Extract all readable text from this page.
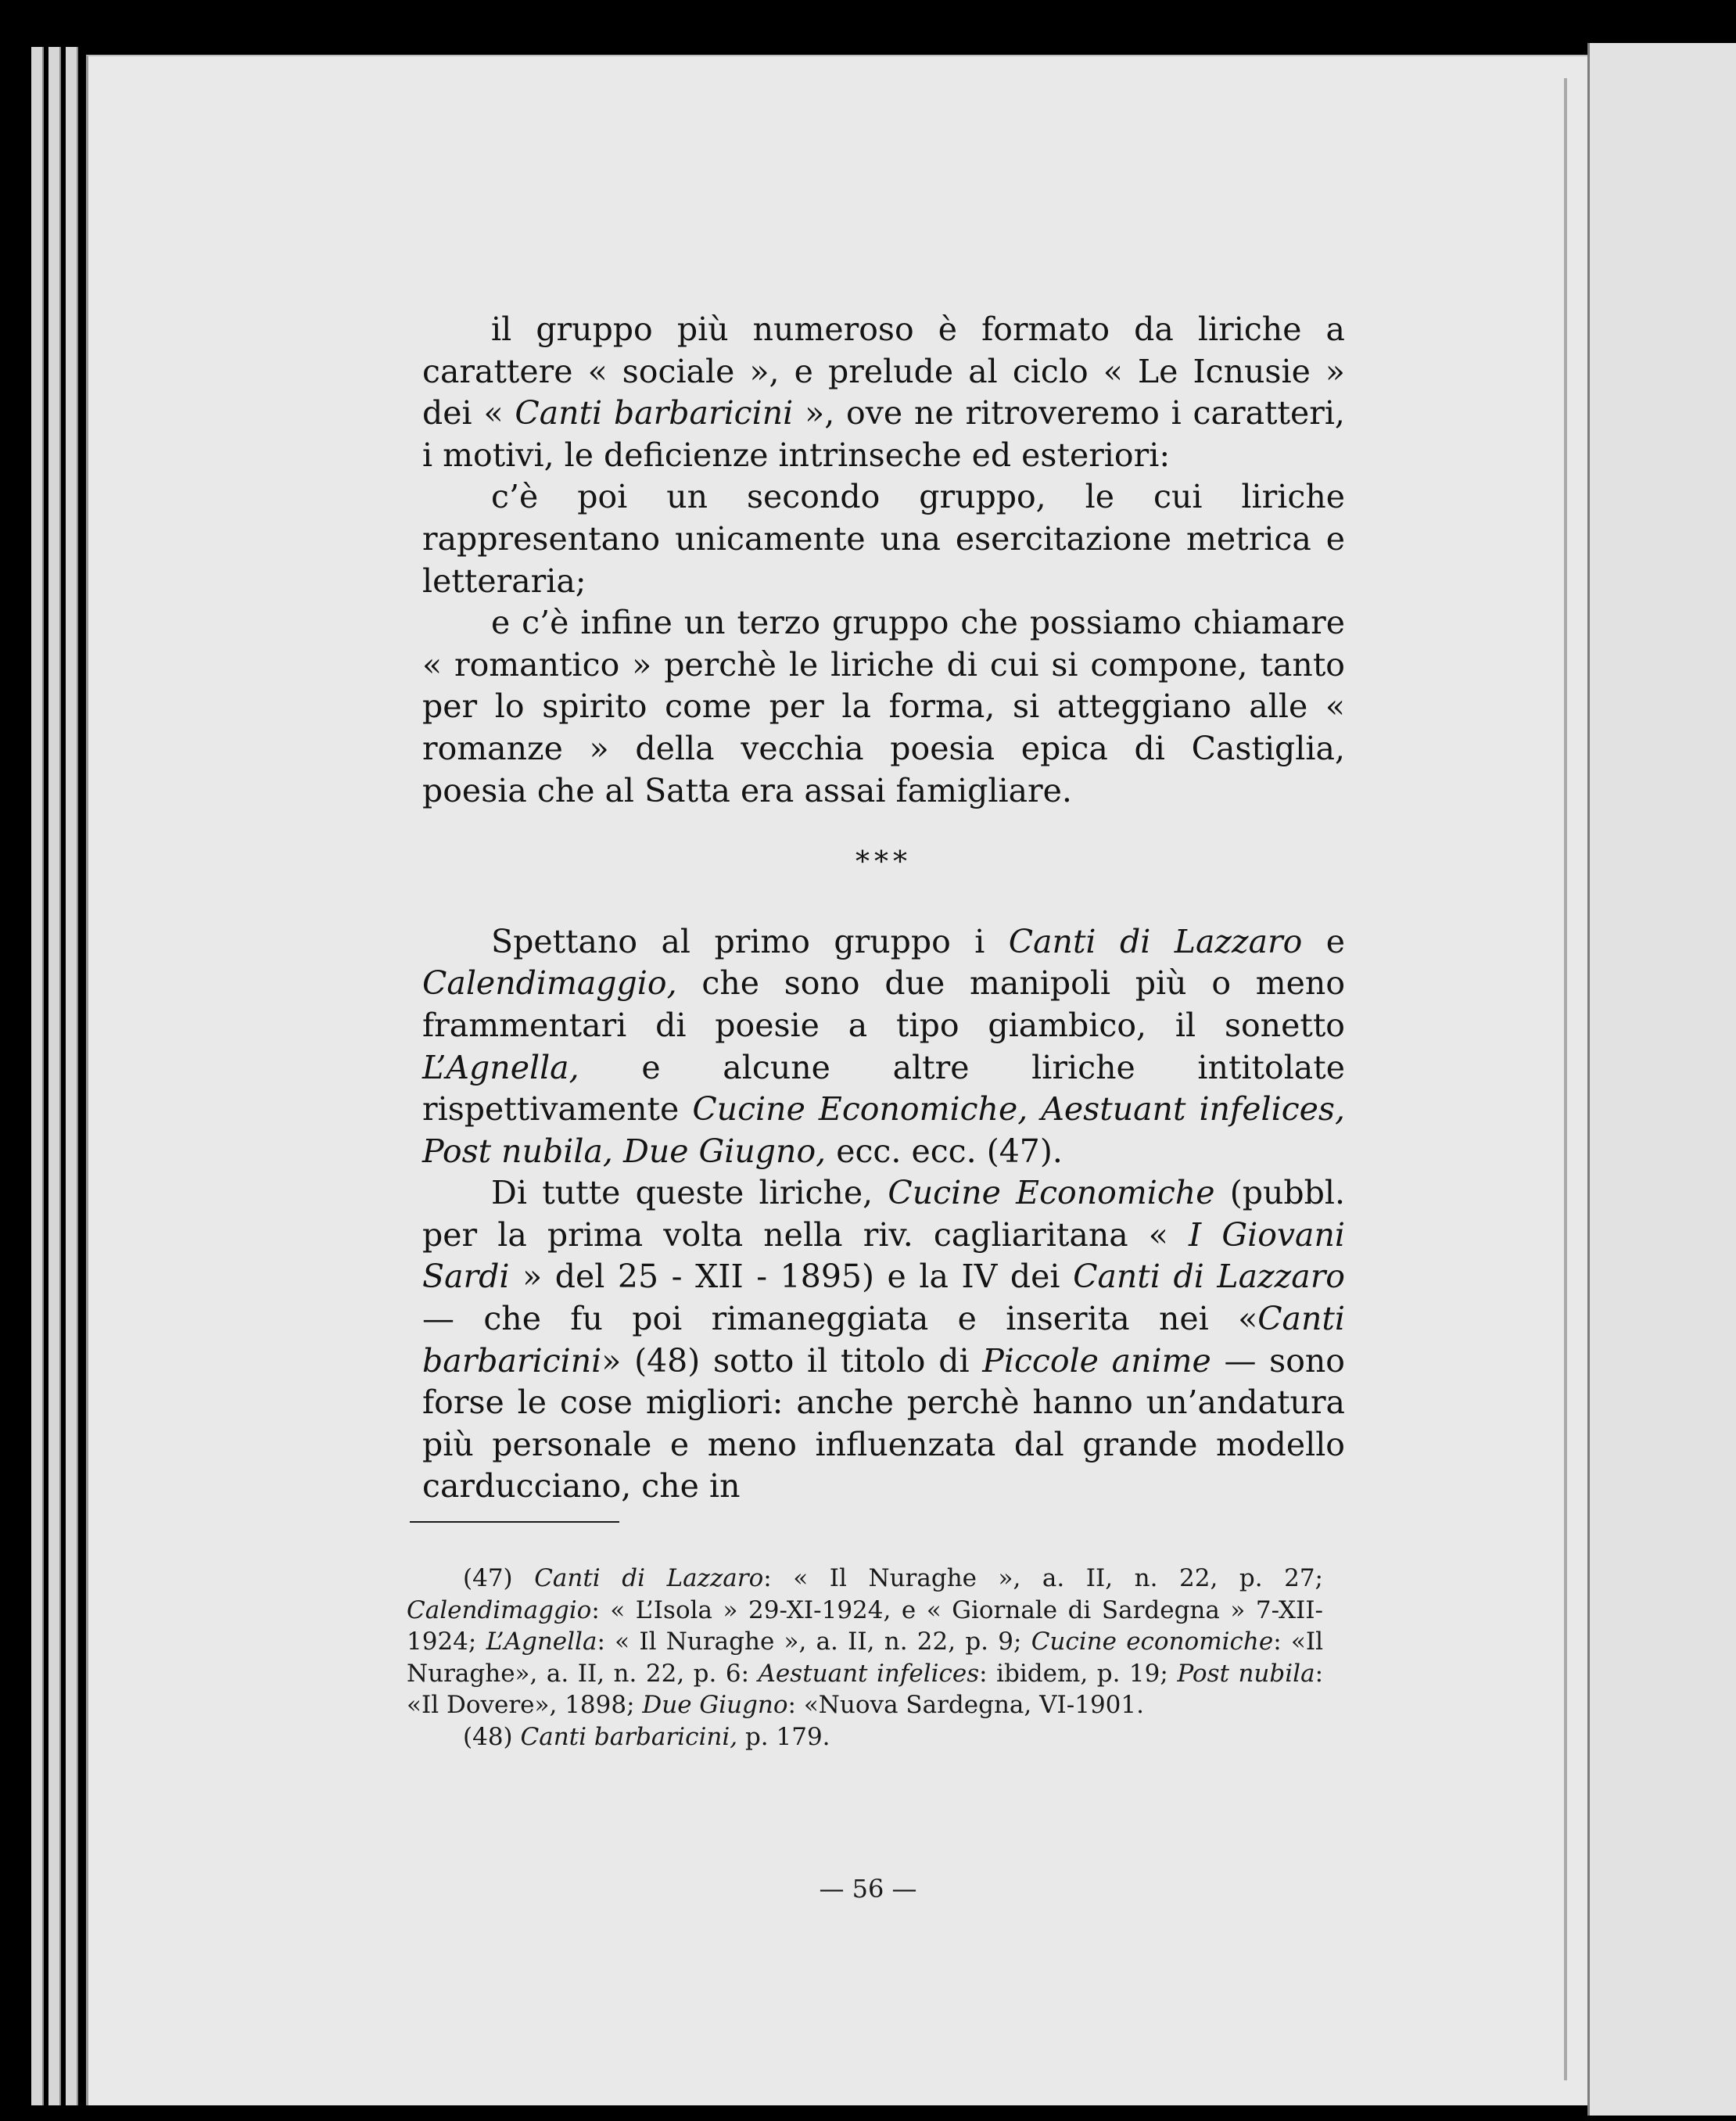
il gruppo più numeroso è formato da liriche a carattere « sociale », e prelude al ciclo « Le Icnusie » dei « Canti barbaricini », ove ne ritroveremo i caratteri, i motivi, le deficienze intrinseche ed esteriori:

c’è poi un secondo gruppo, le cui liriche rappresentano unicamente una esercitazione metrica e letteraria;

e c’è infine un terzo gruppo che possiamo chiamare « romantico » perchè le liriche di cui si compone, tanto per lo spirito come per la forma, si atteggiano alle « romanze » della vecchia poesia epica di Castiglia, poesia che al Satta era assai famigliare.

***

Spettano al primo gruppo i Canti di Lazzaro e Calendimaggio, che sono due manipoli più o meno frammentari di poesie a tipo giambico, il sonetto L’Agnella, e alcune altre liriche intitolate rispettivamente Cucine Economiche, Aestuant infelices, Post nubila, Due Giugno, ecc. ecc. (47).

Di tutte queste liriche, Cucine Economiche (pubbl. per la prima volta nella riv. cagliaritana « I Giovani Sardi » del 25 - XII - 1895) e la IV dei Canti di Lazzaro — che fu poi rimaneggiata e inserita nei «Canti barbaricini» (48) sotto il titolo di Piccole anime — sono forse le cose migliori: anche perchè hanno un’andatura più personale e meno influenzata dal grande modello carducciano, che in

(47) Canti di Lazzaro: « Il Nuraghe », a. II, n. 22, p. 27; Calendimaggio: « L’Isola » 29-XI-1924, e « Giornale di Sardegna » 7-XII-1924; L’Agnella: « Il Nuraghe », a. II, n. 22, p. 9; Cucine economiche: «Il Nuraghe», a. II, n. 22, p. 6: Aestuant infelices: ibidem, p. 19; Post nubila: «Il Dovere», 1898; Due Giugno: «Nuova Sardegna, VI-1901.

(48) Canti barbaricini, p. 179.

— 56 —
